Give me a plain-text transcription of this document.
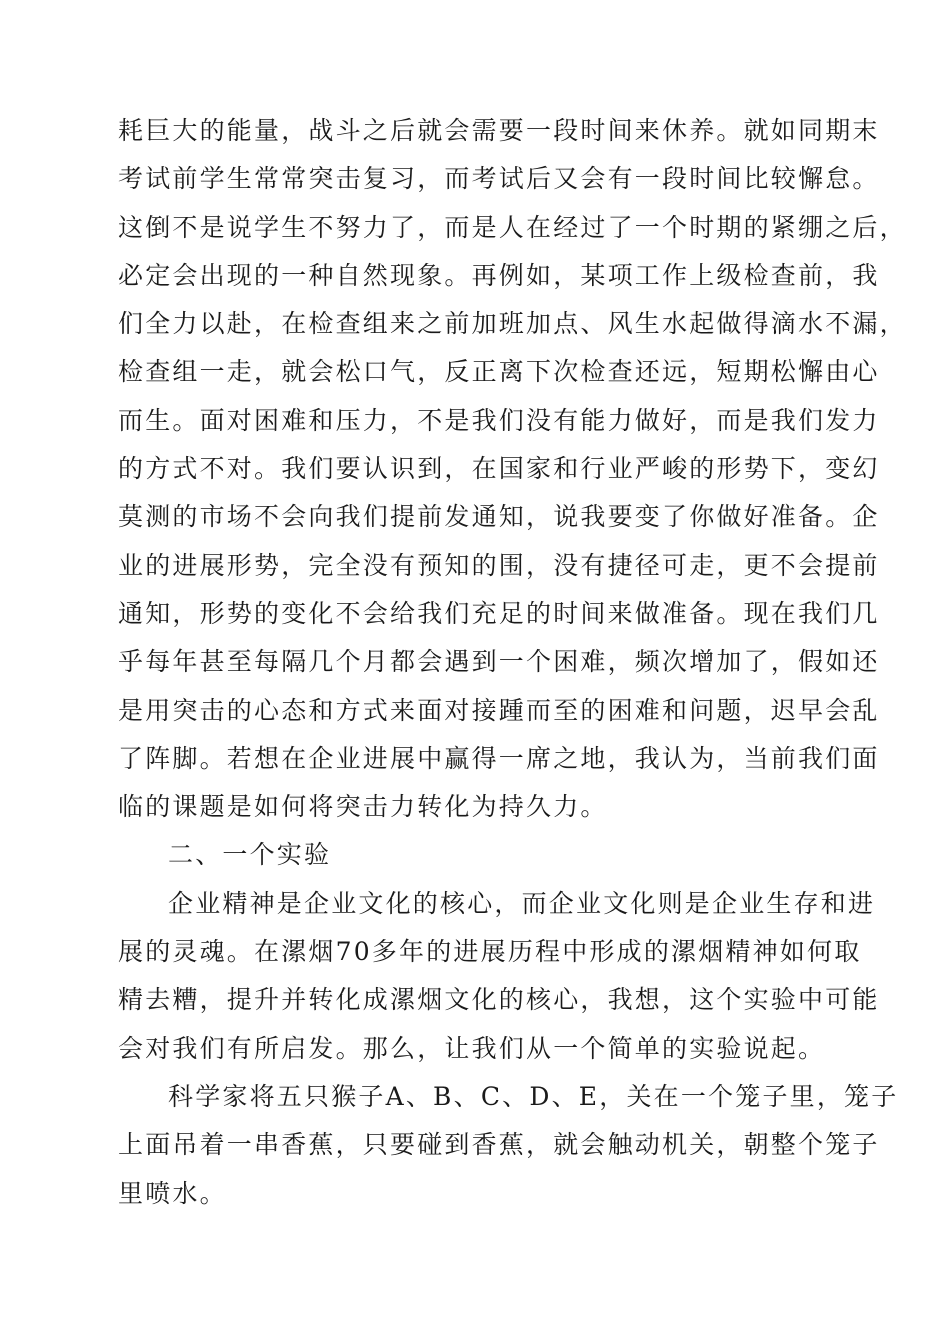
耗巨大的能量，战斗之后就会需要一段时间来休养。就如同期末
考试前学生常常突击复习，而考试后又会有一段时间比较懈怠。
这倒不是说学生不努力了，而是人在经过了一个时期的紧绷之后，
必定会出现的一种自然现象。再例如，某项工作上级检查前，我
们全力以赴，在检查组来之前加班加点、风生水起做得滴水不漏，
检查组一走，就会松口气，反正离下次检查还远，短期松懈由心
而生。面对困难和压力，不是我们没有能力做好，而是我们发力
的方式不对。我们要认识到，在国家和行业严峻的形势下，变幻
莫测的市场不会向我们提前发通知，说我要变了你做好准备。企
业的进展形势，完全没有预知的围，没有捷径可走，更不会提前
通知，形势的变化不会给我们充足的时间来做准备。现在我们几
乎每年甚至每隔几个月都会遇到一个困难，频次增加了，假如还
是用突击的心态和方式来面对接踵而至的困难和问题，迟早会乱
了阵脚。若想在企业进展中赢得一席之地，我认为，当前我们面
临的课题是如何将突击力转化为持久力。
二、一个实验
企业精神是企业文化的核心，而企业文化则是企业生存和进
展的灵魂。在漯烟70多年的进展历程中形成的漯烟精神如何取
精去糟，提升并转化成漯烟文化的核心，我想，这个实验中可能
会对我们有所启发。那么，让我们从一个简单的实验说起。
科学家将五只猴子A、B、C、D、E，关在一个笼子里，笼子
上面吊着一串香蕉，只要碰到香蕉，就会触动机关，朝整个笼子
里喷水。
